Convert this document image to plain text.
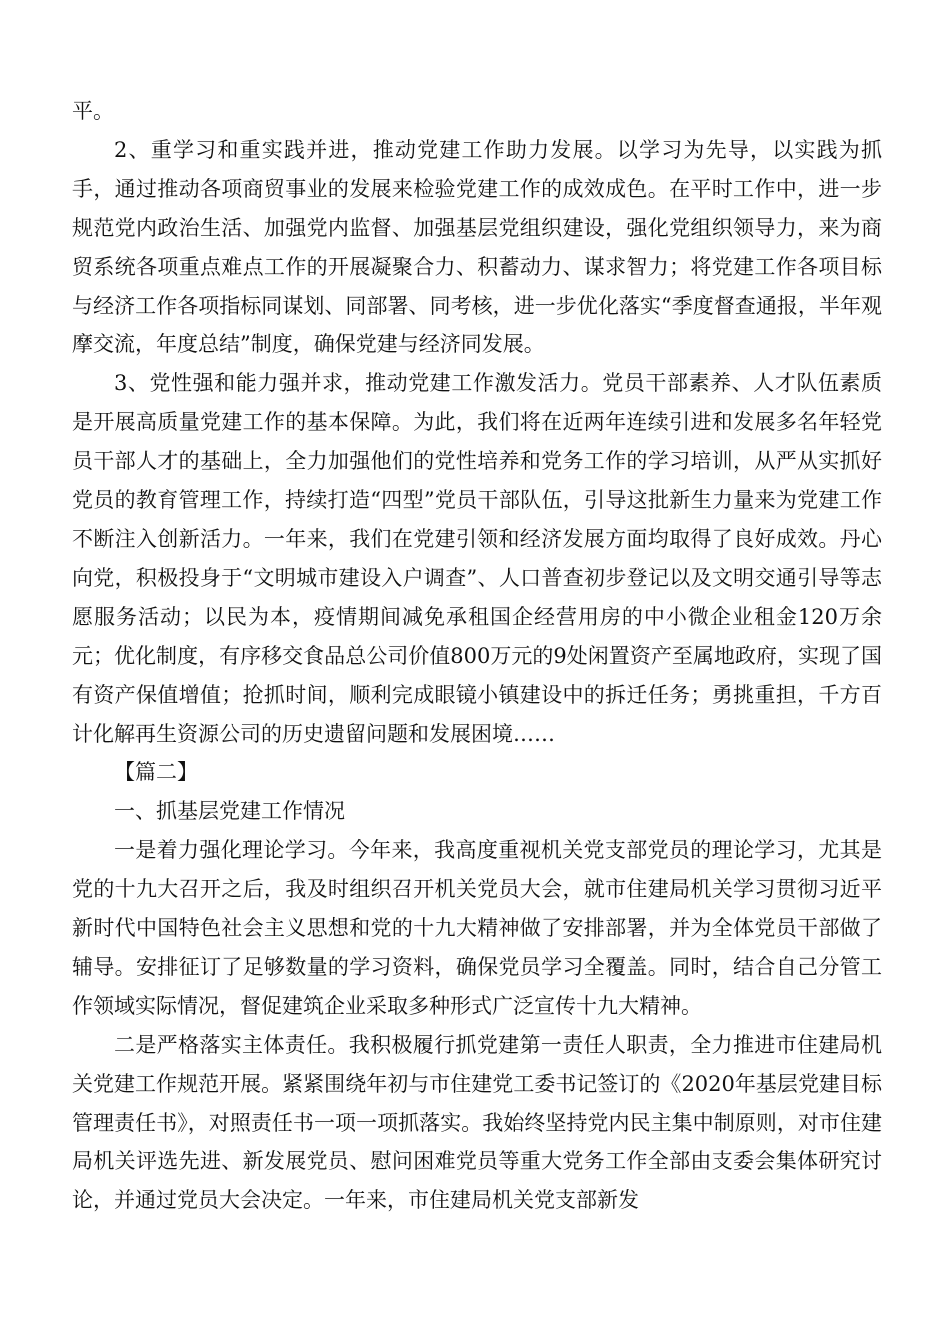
平。

2、重学习和重实践并进，推动党建工作助力发展。以学习为先导，以实践为抓手，通过推动各项商贸事业的发展来检验党建工作的成效成色。在平时工作中，进一步规范党内政治生活、加强党内监督、加强基层党组织建设，强化党组织领导力，来为商贸系统各项重点难点工作的开展凝聚合力、积蓄动力、谋求智力；将党建工作各项目标与经济工作各项指标同谋划、同部署、同考核，进一步优化落实“季度督查通报，半年观摩交流，年度总结”制度，确保党建与经济同发展。

3、党性强和能力强并求，推动党建工作激发活力。党员干部素养、人才队伍素质是开展高质量党建工作的基本保障。为此，我们将在近两年连续引进和发展多名年轻党员干部人才的基础上，全力加强他们的党性培养和党务工作的学习培训，从严从实抓好党员的教育管理工作，持续打造“四型”党员干部队伍，引导这批新生力量来为党建工作不断注入创新活力。一年来，我们在党建引领和经济发展方面均取得了良好成效。丹心向党，积极投身于“文明城市建设入户调查”、人口普查初步登记以及文明交通引导等志愿服务活动；以民为本，疫情期间减免承租国企经营用房的中小微企业租金120万余元；优化制度，有序移交食品总公司价值800万元的9处闲置资产至属地政府，实现了国有资产保值增值；抢抓时间，顺利完成眼镜小镇建设中的拆迁任务；勇挑重担，千方百计化解再生资源公司的历史遗留问题和发展困境……

【篇二】

一、抓基层党建工作情况

一是着力强化理论学习。今年来，我高度重视机关党支部党员的理论学习，尤其是党的十九大召开之后，我及时组织召开机关党员大会，就市住建局机关学习贯彻习近平新时代中国特色社会主义思想和党的十九大精神做了安排部署，并为全体党员干部做了辅导。安排征订了足够数量的学习资料，确保党员学习全覆盖。同时，结合自己分管工作领域实际情况，督促建筑企业采取多种形式广泛宣传十九大精神。

二是严格落实主体责任。我积极履行抓党建第一责任人职责，全力推进市住建局机关党建工作规范开展。紧紧围绕年初与市住建党工委书记签订的《2020年基层党建目标管理责任书》，对照责任书一项一项抓落实。我始终坚持党内民主集中制原则，对市住建局机关评选先进、新发展党员、慰问困难党员等重大党务工作全部由支委会集体研究讨论，并通过党员大会决定。一年来，市住建局机关党支部新发
